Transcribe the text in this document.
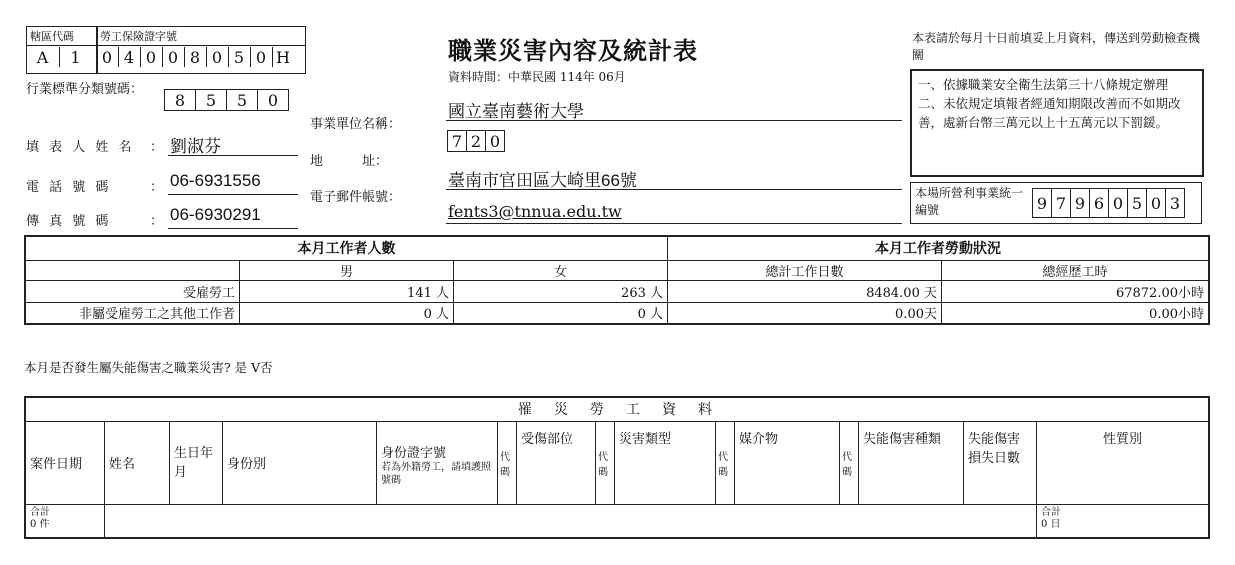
轄區代碼
A	1
勞工保險證字號
0 4 0 0 8 0 5 0 H
行業標準分類號碼：
8	5	5	0
填 表 人 姓 名 ： 劉淑芬
電 話 號 碼	： 06-6931556
傳 真 號 碼	： 06-6930291
事業單位名稱：
地　　　址：
電子郵件帳號：
職業災害內容及統計表
資料時間：中華民國 114年 06月
國立臺南藝術大學
7 2 0
臺南市官田區大崎里66號
fents3@tnnua.edu.tw
本表請於每月十日前填妥上月資料，傳送到勞動檢查機關
一、依據職業安全衛生法第三十八條規定辦理
二、未依規定填報者經通知期限改善而不如期改善，處新台幣三萬元以上十五萬元以下罰鍰。
本場所營利事業統一編號	9 7 9 6 0 5 0 3
本月工作者人數			本月工作者勞動狀況	
	男	女	總計工作日數	總經歷工時
受雇勞工	141 人	263 人	8484.00 天	67872.00小時
非屬受雇勞工之其他工作者	0 人	0 人	0.00天	0.00小時
本月是否發生屬失能傷害之職業災害? 是 V否
罹　災　勞　工　資　料														
案件日期	姓名	生日年月	身份別	身份證字號
若為外籍勞工，請填護照號碼	代碼	受傷部位	代碼	災害類型	代碼	媒介物	代碼	失能傷害種類	失能傷害損失日數	性質別
合計
0 件														合計
0 日
